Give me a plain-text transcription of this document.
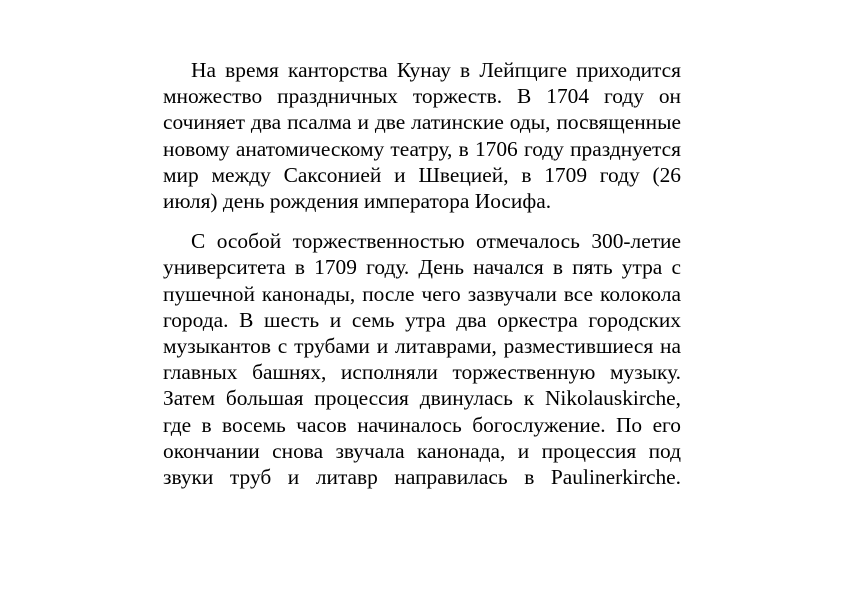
На время канторства Кунау в Лейпциге приходится множество праздничных торжеств. В 1704 году он сочиняет два псалма и две латинские оды, посвященные новому анатомическому театру, в 1706 году празднуется мир между Саксонией и Швецией, в 1709 году (26 июля) день рождения императора Иосифа.

С особой торжественностью отмечалось 300-летие университета в 1709 году. День начался в пять утра с пушечной канонады, после чего зазвучали все колокола города. В шесть и семь утра два оркестра городских музыкантов с трубами и литаврами, разместившиеся на главных башнях, исполняли торжественную музыку. Затем большая процессия двинулась к Nikolauskirche, где в восемь часов начиналось богослужение. По его окончании снова звучала канонада, и процессия под звуки труб и литавр направилась в Paulinerkirche.
